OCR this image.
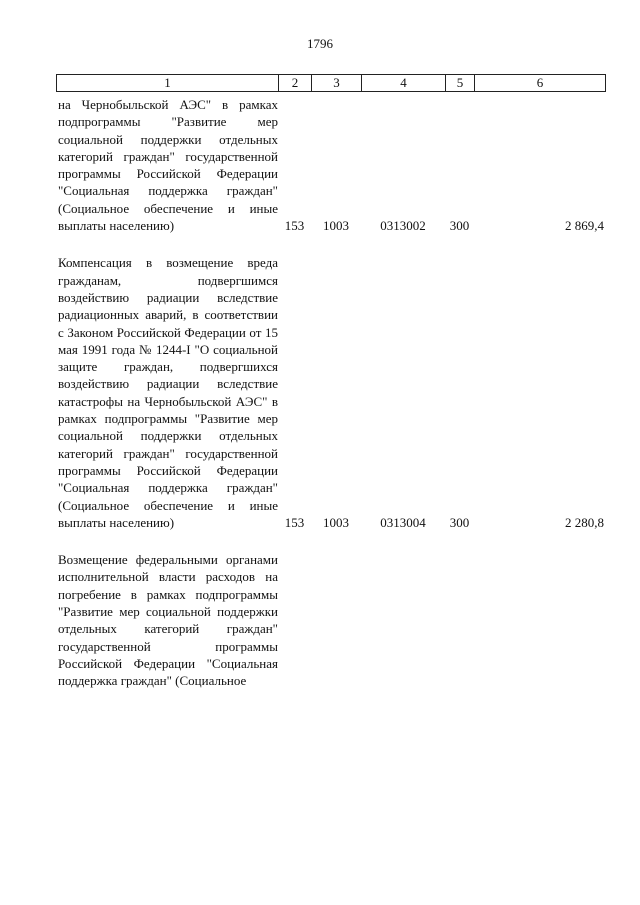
1796
1	2	3	4	5	6
на Чернобыльской АЭС" в рамках подпрограммы "Развитие мер социальной поддержки отдельных категорий граждан" государственной программы Российской Федерации "Социальная поддержка граждан" (Социальное обеспечение и иные выплаты населению)	153	1003	0313002	300	2 869,4
Компенсация в возмещение вреда гражданам, подвергшимся воздействию радиации вследствие радиационных аварий, в соответствии с Законом Российской Федерации от 15 мая 1991 года № 1244-I "О социальной защите граждан, подвергшихся воздействию радиации вследствие катастрофы на Чернобыльской АЭС" в рамках подпрограммы "Развитие мер социальной поддержки отдельных категорий граждан" государственной программы Российской Федерации "Социальная поддержка граждан" (Социальное обеспечение и иные выплаты населению)	153	1003	0313004	300	2 280,8
Возмещение федеральными органами исполнительной власти расходов на погребение в рамках подпрограммы "Развитие мер социальной поддержки отдельных категорий граждан" государственной программы Российской Федерации "Социальная поддержка граждан" (Социальное
